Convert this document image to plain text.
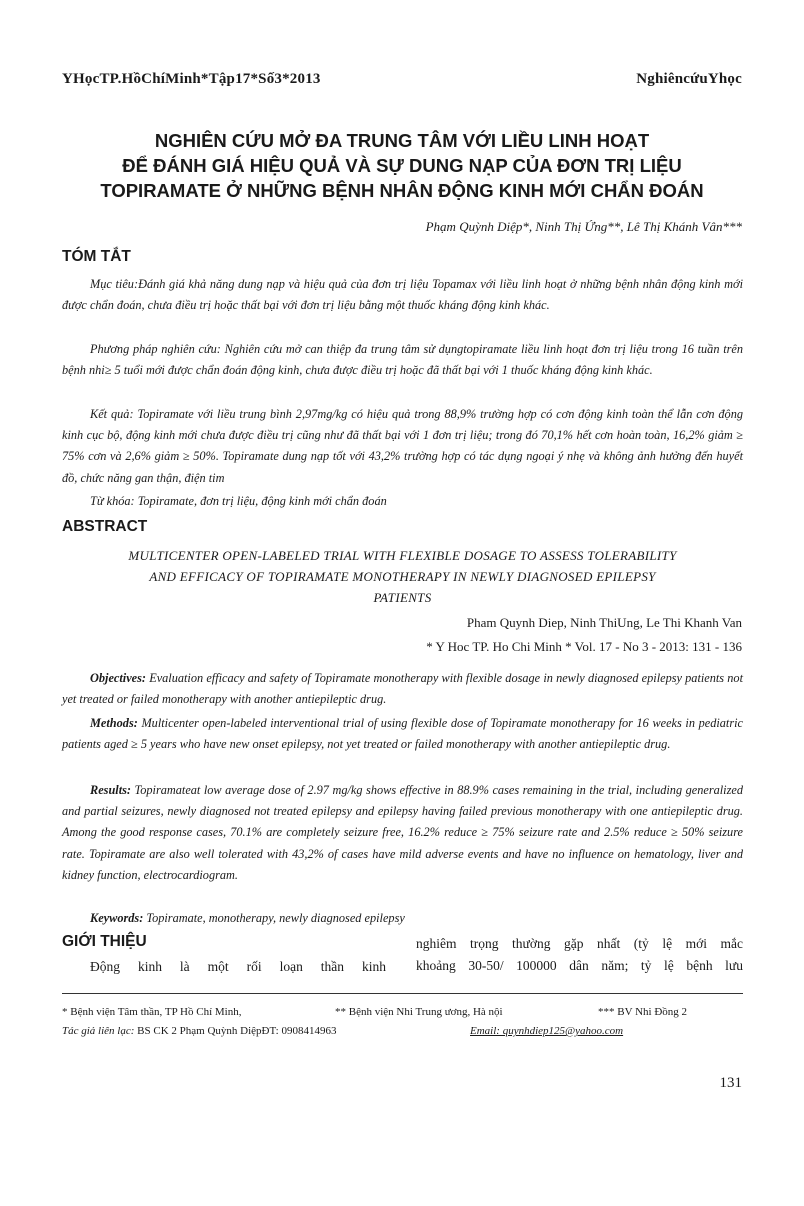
YHọcTP.HồChíMinh*Tập17*Số3*2013	NghiêncứuYhọc
NGHIÊN CỨU MỞ ĐA TRUNG TÂM VỚI LIỀU LINH HOẠT
ĐỂ ĐÁNH GIÁ HIỆU QUẢ VÀ SỰ DUNG NẠP CỦA ĐƠN TRỊ LIỆU
TOPIRAMATE Ở NHỮNG BỆNH NHÂN ĐỘNG KINH MỚI CHẨN ĐOÁN
Phạm Quỳnh Diệp*, Ninh Thị Ứng**, Lê Thị Khánh Vân***
TÓM TẮT

Mục tiêu:Đánh giá khả năng dung nạp và hiệu quả của đơn trị liệu Topamax với liều linh hoạt ở những bệnh nhân động kinh mới được chẩn đoán, chưa điều trị hoặc thất bại với đơn trị liệu bằng một thuốc kháng động kinh khác.

Phương pháp nghiên cứu: Nghiên cứu mở can thiệp đa trung tâm sử dụngtopiramate liều linh hoạt đơn trị liệu trong 16 tuần trên bệnh nhi≥ 5 tuổi mới được chẩn đoán động kinh, chưa được điều trị hoặc đã thất bại với 1 thuốc kháng động kinh khác.

Kết quả: Topiramate với liều trung bình 2,97mg/kg có hiệu quả trong 88,9% trường hợp có cơn động kinh toàn thể lẫn cơn động kinh cục bộ, động kinh mới chưa được điều trị cũng như đã thất bại với 1 đơn trị liệu; trong đó 70,1% hết cơn hoàn toàn, 16,2% giảm ≥ 75% cơn và 2,6% giảm ≥ 50%. Topiramate dung nạp tốt với 43,2% trường hợp có tác dụng ngoại ý nhẹ và không ảnh hưởng đến huyết đồ, chức năng gan thận, điện tim

Từ khóa: Topiramate, đơn trị liệu, động kinh mới chẩn đoán

ABSTRACT
MULTICENTER OPEN-LABELED TRIAL WITH FLEXIBLE DOSAGE TO ASSESS TOLERABILITY
AND EFFICACY OF TOPIRAMATE MONOTHERAPY IN NEWLY DIAGNOSED EPILEPSY
PATIENTS
Pham Quynh Diep, Ninh ThiUng, Le Thi Khanh Van
* Y Hoc TP. Ho Chi Minh * Vol. 17 - No 3 - 2013: 131 - 136

Objectives: Evaluation efficacy and safety of Topiramate monotherapy with flexible dosage in newly diagnosed epilepsy patients not yet treated or failed monotherapy with another antiepileptic drug.

Methods: Multicenter open-labeled interventional trial of using flexible dose of Topiramate monotherapy for 16 weeks in pediatric patients aged ≥ 5 years who have new onset epilepsy, not yet treated or failed monotherapy with another antiepileptic drug.

Results: Topiramateat low average dose of 2.97 mg/kg shows effective in 88.9% cases remaining in the trial, including generalized and partial seizures, newly diagnosed not treated epilepsy and epilepsy having failed previous monotherapy with one antiepileptic drug. Among the good response cases, 70.1% are completely seizure free, 16.2% reduce ≥ 75% seizure rate and 2.5% reduce ≥ 50% seizure rate. Topiramate are also well tolerated with 43,2% of cases have mild adverse events and have no influence on hematology, liver and kidney function, electrocardiogram.

Keywords: Topiramate, monotherapy, newly diagnosed epilepsy

GIỚI THIỆU
Động kinh là một rối loạn thần kinh
nghiêm trọng thường gặp nhất (tỷ lệ mới mắc
khoảng 30-50/ 100000 dân năm; tỷ lệ bệnh lưu
* Bệnh viện Tâm thần, TP Hồ Chí Minh,	** Bệnh viện Nhi Trung ương, Hà nội	*** BV Nhi Đồng 2
Tác giả liên lạc: BS CK 2 Phạm Quỳnh DiệpĐT: 0908414963	Email: quynhdiep125@yahoo.com
131
